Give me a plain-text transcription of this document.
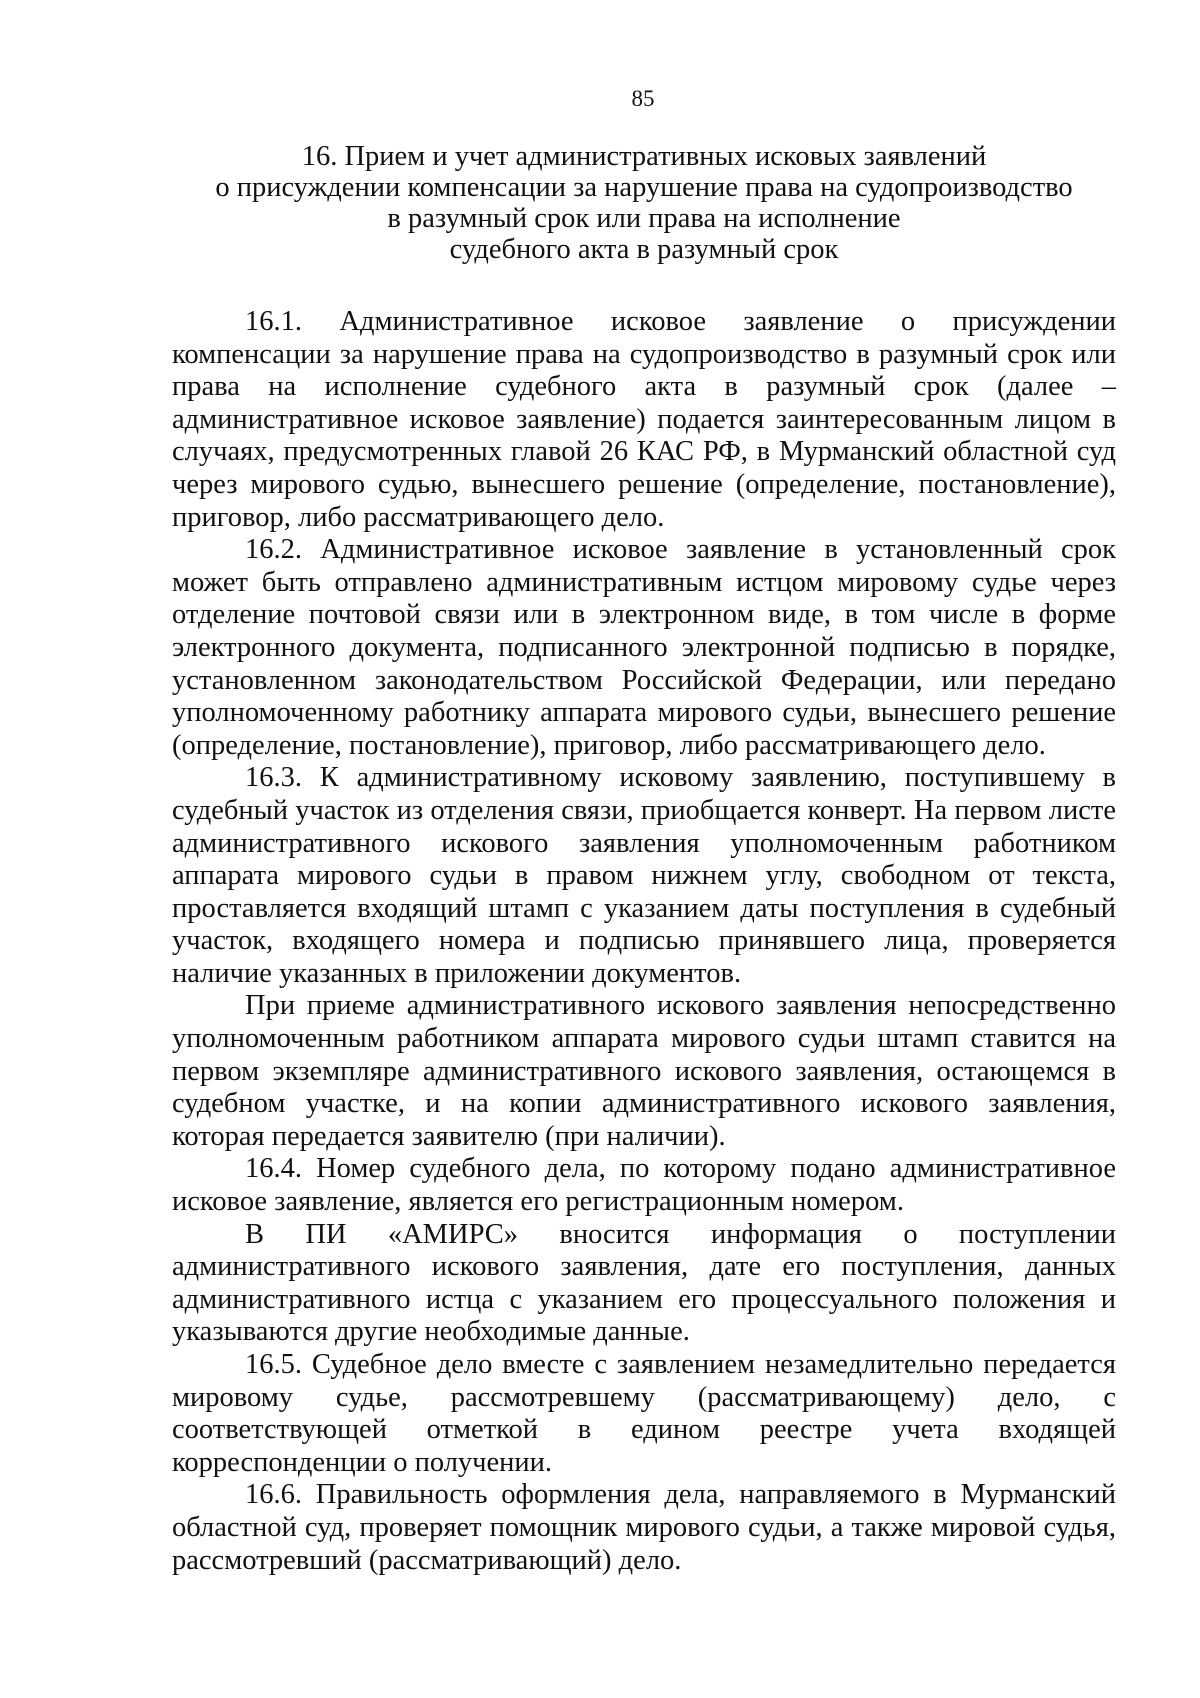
85
16. Прием и учет административных исковых заявлений
о присуждении компенсации за нарушение права на судопроизводство
в разумный срок или права на исполнение
судебного акта в разумный срок

16.1. Административное исковое заявление о присуждении компенсации за нарушение права на судопроизводство в разумный срок или права на исполнение судебного акта в разумный срок (далее – административное исковое заявление) подается заинтересованным лицом в случаях, предусмотренных главой 26 КАС РФ, в Мурманский областной суд через мирового судью, вынесшего решение (определение, постановление), приговор, либо рассматривающего дело.

16.2. Административное исковое заявление в установленный срок может быть отправлено административным истцом мировому судье через отделение почтовой связи или в электронном виде, в том числе в форме электронного документа, подписанного электронной подписью в порядке, установленном законодательством Российской Федерации, или передано уполномоченному работнику аппарата мирового судьи, вынесшего решение (определение, постановление), приговор, либо рассматривающего дело.

16.3. К административному исковому заявлению, поступившему в судебный участок из отделения связи, приобщается конверт. На первом листе административного искового заявления уполномоченным работником аппарата мирового судьи в правом нижнем углу, свободном от текста, проставляется входящий штамп с указанием даты поступления в судебный участок, входящего номера и подписью принявшего лица, проверяется наличие указанных в приложении документов.

При приеме административного искового заявления непосредственно уполномоченным работником аппарата мирового судьи штамп ставится на первом экземпляре административного искового заявления, остающемся в судебном участке, и на копии административного искового заявления, которая передается заявителю (при наличии).

16.4. Номер судебного дела, по которому подано административное исковое заявление, является его регистрационным номером.

В ПИ «АМИРС» вносится информация о поступлении административного искового заявления, дате его поступления, данных административного истца с указанием его процессуального положения и указываются другие необходимые данные.

16.5. Судебное дело вместе с заявлением незамедлительно передается мировому судье, рассмотревшему (рассматривающему) дело, с соответствующей отметкой в едином реестре учета входящей корреспонденции о получении.

16.6. Правильность оформления дела, направляемого в Мурманский областной суд, проверяет помощник мирового судьи, а также мировой судья, рассмотревший (рассматривающий) дело.
